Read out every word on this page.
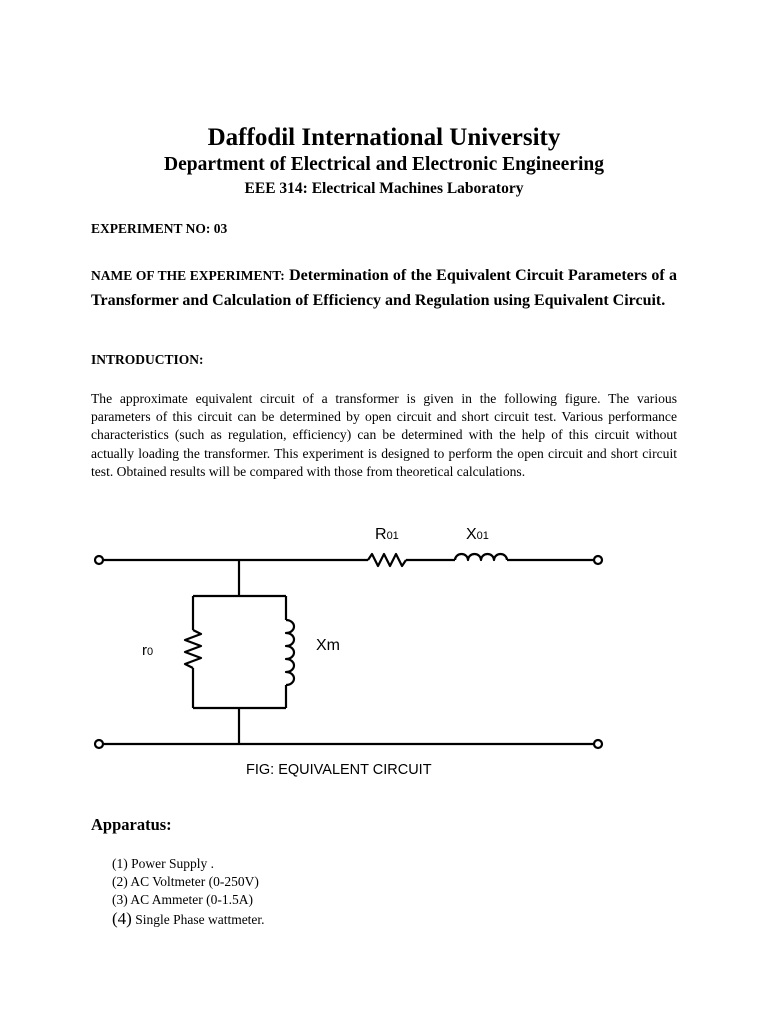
Daffodil International University
Department of Electrical and Electronic Engineering
EEE 314: Electrical Machines Laboratory
EXPERIMENT NO: 03
NAME OF THE EXPERIMENT: Determination of the Equivalent Circuit Parameters of a Transformer and Calculation of Efficiency and Regulation using Equivalent Circuit.
INTRODUCTION:
The approximate equivalent circuit of a transformer is given in the following figure. The various parameters of this circuit can be determined by open circuit and short circuit test. Various performance characteristics (such as regulation, efficiency) can be determined with the help of this circuit without actually loading the transformer. This experiment is designed to perform the open circuit and short circuit test. Obtained results will be compared with those from theoretical calculations.
R01	X01
r0	Xm
FIG: EQUIVALENT CIRCUIT
Apparatus:
(1) Power Supply .
(2) AC Voltmeter (0-250V)
(3) AC Ammeter (0-1.5A)
(4) Single Phase wattmeter.
